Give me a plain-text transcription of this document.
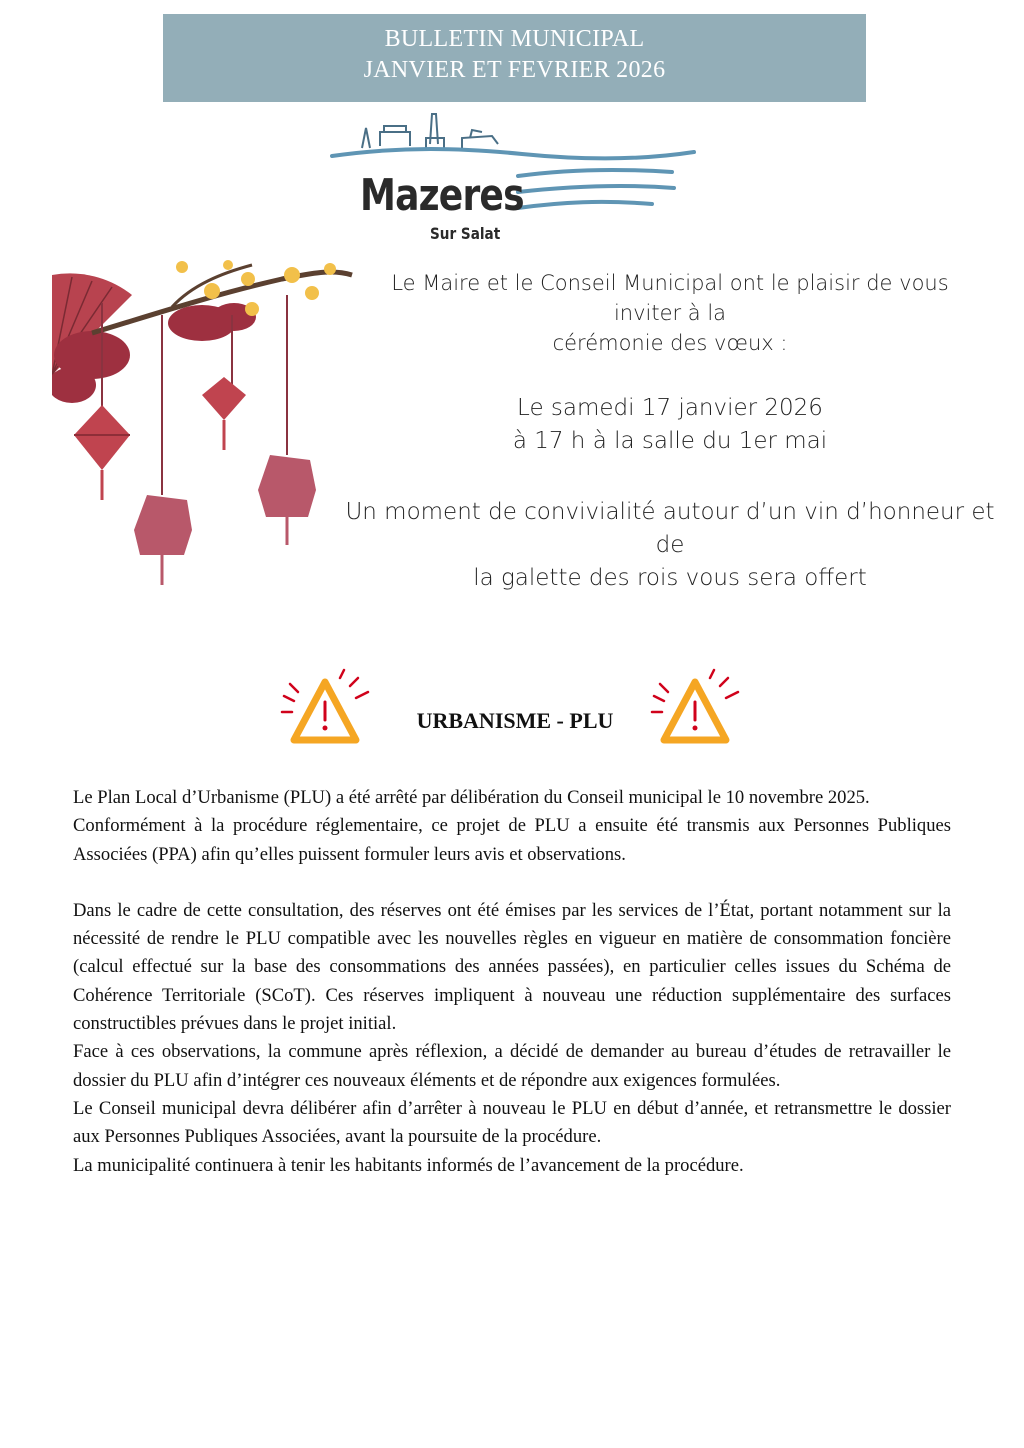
BULLETIN MUNICIPAL
JANVIER ET FEVRIER 2026
Mazeres
Sur Salat

Le Maire et le Conseil Municipal ont le plaisir de vous

inviter à la

cérémonie des vœux :

Le samedi 17 janvier 2026

à 17 h à la salle du 1er mai

Un moment de convivialité autour d’un vin d’honneur et de

la galette des rois vous sera offert

URBANISME - PLU

Le Plan Local d’Urbanisme (PLU) a été arrêté par délibération du Conseil municipal le 10 novembre 2025.

Conformément à la procédure réglementaire, ce projet de PLU a ensuite été transmis aux Personnes Publiques Associées (PPA) afin qu’elles puissent formuler leurs avis et observations.

Dans le cadre de cette consultation, des réserves ont été émises par les services de l’État, portant notamment sur la nécessité de rendre le PLU compatible avec les nouvelles règles en vigueur en matière de consommation foncière (calcul effectué sur la base des consommations des années passées), en particulier celles issues du Schéma de Cohérence Territoriale (SCoT). Ces réserves impliquent à nouveau une réduction supplémentaire des surfaces constructibles prévues dans le projet initial.

Face à ces observations, la commune après réflexion, a décidé de demander au bureau d’études de retravailler le dossier du PLU afin d’intégrer ces nouveaux éléments et de répondre aux exigences formulées.

Le Conseil municipal devra délibérer afin d’arrêter à nouveau le PLU en début d’année, et retransmettre le dossier aux Personnes Publiques Associées, avant la poursuite de la procédure.

La municipalité continuera à tenir les habitants informés de l’avancement de la procédure.
